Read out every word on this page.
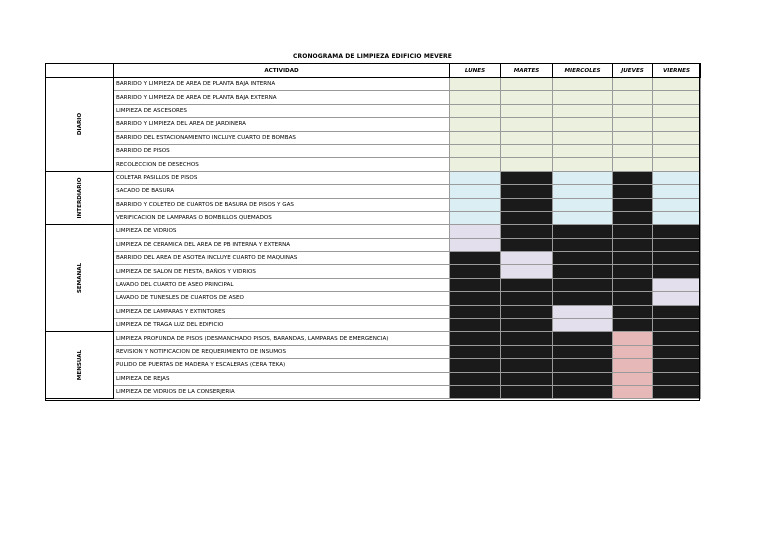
CRONOGRAMA DE LIMPIEZA EDIFICIO MEVERE
	ACTIVIDAD	LUNES	MARTES	MIERCOLES	JUEVES	VIERNES

DIARIO	BARRIDO Y LIMPIEZA DE AREA DE PLANTA BAJA INTERNA					
	BARRIDO Y LIMPIEZA DE AREA DE PLANTA BAJA EXTERNA					
	LIMPIEZA DE ASCESORES					
	BARRIDO Y LIMPIEZA DEL AREA DE JARDINERA					
	BARRIDO DEL ESTACIONAMIENTO INCLUYE CUARTO DE BOMBAS					
	BARRIDO DE PISOS					
	RECOLECCION DE DESECHOS					

INTERDIARIO	COLETAR PASILLOS DE PISOS					
	SACADO DE BASURA					
	BARRIDO Y COLETEO DE CUARTOS DE BASURA DE PISOS Y GAS					
	VERIFICACION DE LAMPARAS O BOMBILLOS QUEMADOS					

SEMANAL	LIMPIEZA DE VIDRIOS					
	LIMPIEZA DE CERAMICA DEL AREA DE PB INTERNA Y EXTERNA					
	BARRIDO DEL AREA DE ASOTEA INCLUYE CUARTO DE MAQUINAS					
	LIMPIEZA DE SALON DE FIESTA, BAÑOS Y VIDRIOS					
	LAVADO DEL CUARTO DE ASEO PRINCIPAL					
	LAVADO DE TUNESLES DE CUARTOS DE ASEO					
	LIMPIEZA DE LAMPARAS Y EXTINTORES					
	LIMPIEZA DE TRAGA LUZ DEL EDIFICIO					

MENSUAL	LIMPIEZA PROFUNDA DE PISOS (DESMANCHADO PISOS, BARANDAS, LAMPARAS DE EMERGENCIA)					
	REVISION Y NOTIFICACION DE REQUERIMIENTO DE INSUMOS					
	PULIDO DE PUERTAS DE MADERA Y ESCALERAS (CERA TEKA)					
	LIMPIEZA DE REJAS					
	LIMPIEZA DE VIDRIOS DE LA CONSERJERIA					
